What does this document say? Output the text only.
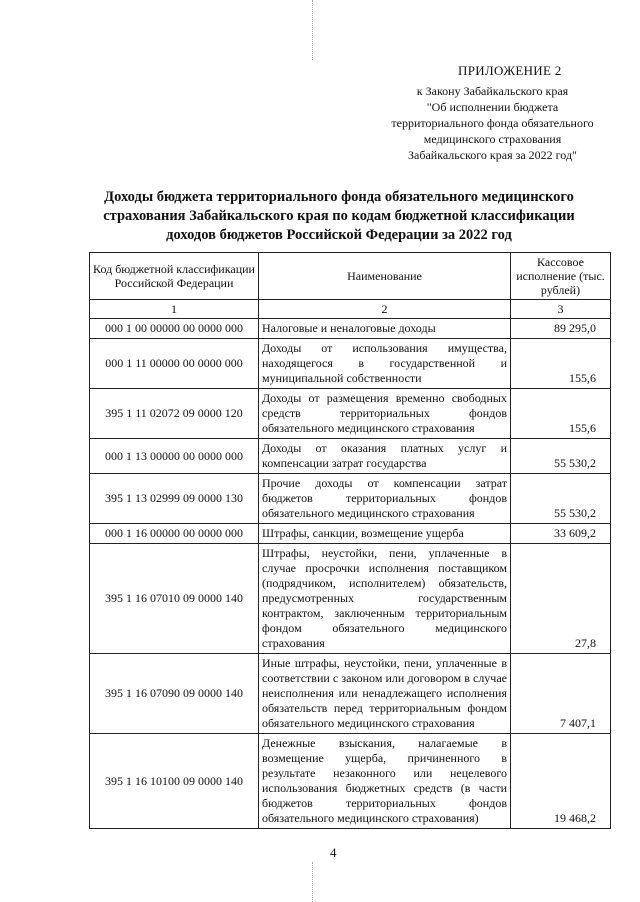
ПРИЛОЖЕНИЕ 2
к Закону Забайкальского края
"Об исполнении бюджета
территориального фонда обязательного
медицинского страхования
Забайкальского края за 2022 год"
Доходы бюджета территориального фонда обязательного медицинского
страхования Забайкальского края по кодам бюджетной классификации
доходов бюджетов Российской Федерации за 2022 год
Код бюджетной классификации Российской Федерации	Наименование	Кассовое исполнение (тыс. рублей)
1	2	3
000 1 00 00000 00 0000 000	Налоговые и неналоговые доходы	89 295,0
000 1 11 00000 00 0000 000	Доходы от использования имущества, находящегося в государственной и муниципальной собственности	155,6
395 1 11 02072 09 0000 120	Доходы от размещения временно свободных средств территориальных фондов обязательного медицинского страхования	155,6
000 1 13 00000 00 0000 000	Доходы от оказания платных услуг и компенсации затрат государства	55 530,2
395 1 13 02999 09 0000 130	Прочие доходы от компенсации затрат бюджетов территориальных фондов обязательного медицинского страхования	55 530,2
000 1 16 00000 00 0000 000	Штрафы, санкции, возмещение ущерба	33 609,2
395 1 16 07010 09 0000 140	Штрафы, неустойки, пени, уплаченные в случае просрочки исполнения поставщиком (подрядчиком, исполнителем) обязательств, предусмотренных государственным контрактом, заключенным территориальным фондом обязательного медицинского страхования	27,8
395 1 16 07090 09 0000 140	Иные штрафы, неустойки, пени, уплаченные в соответствии с законом или договором в случае неисполнения или ненадлежащего исполнения обязательств перед территориальным фондом обязательного медицинского страхования	7 407,1
395 1 16 10100 09 0000 140	Денежные взыскания, налагаемые в возмещение ущерба, причиненного в результате незаконного или нецелевого использования бюджетных средств (в части бюджетов территориальных фондов обязательного медицинского страхования)	19 468,2
4
